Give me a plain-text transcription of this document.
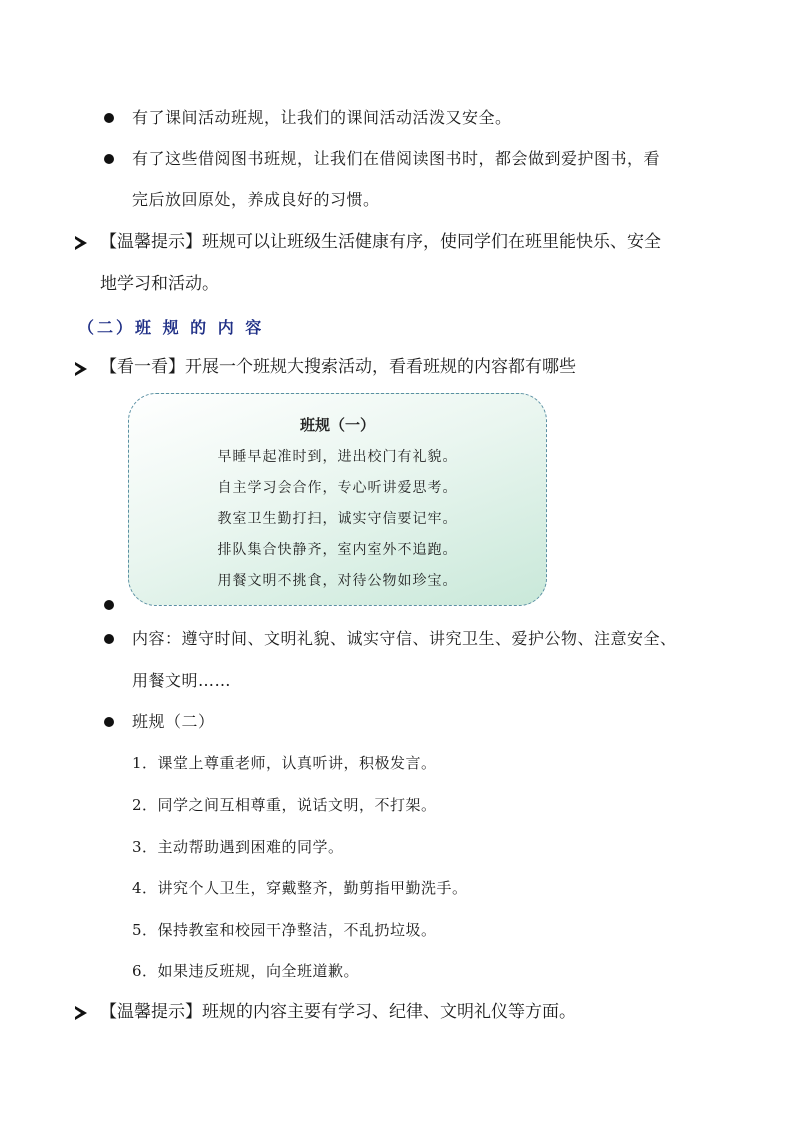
有了课间活动班规，让我们的课间活动活泼又安全。
有了这些借阅图书班规，让我们在借阅读图书时，都会做到爱护图书，看
完后放回原处，养成良好的习惯。
【温馨提示】班规可以让班级生活健康有序，使同学们在班里能快乐、安全
地学习和活动。
（二）班 规 的 内 容
【看一看】开展一个班规大搜索活动，看看班规的内容都有哪些
班规（一）
早睡早起准时到，进出校门有礼貌。
自主学习会合作，专心听讲爱思考。
教室卫生勤打扫，诚实守信要记牢。
排队集合快静齐，室内室外不追跑。
用餐文明不挑食，对待公物如珍宝。
内容：遵守时间、文明礼貌、诚实守信、讲究卫生、爱护公物、注意安全、
用餐文明……
班规（二）
1．课堂上尊重老师，认真听讲，积极发言。
2．同学之间互相尊重，说话文明，不打架。
3．主动帮助遇到困难的同学。
4．讲究个人卫生，穿戴整齐，勤剪指甲勤洗手。
5．保持教室和校园干净整洁，不乱扔垃圾。
6．如果违反班规，向全班道歉。
【温馨提示】班规的内容主要有学习、纪律、文明礼仪等方面。
